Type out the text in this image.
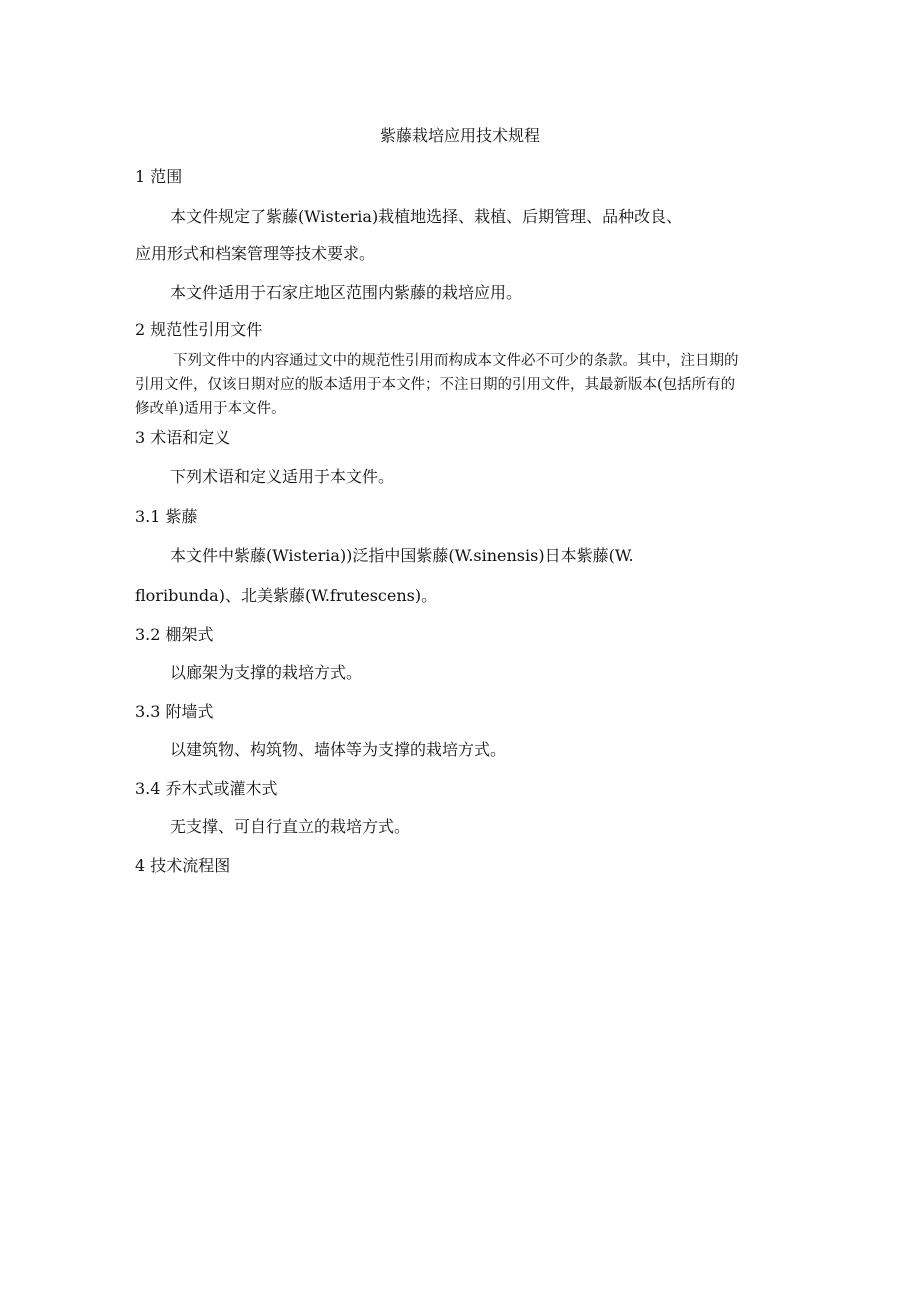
紫藤栽培应用技术规程
1 范围
本文件规定了紫藤(Wisteria)栽植地选择、栽植、后期管理、品种改良、
应用形式和档案管理等技术要求。
本文件适用于石家庄地区范围内紫藤的栽培应用。
2 规范性引用文件
下列文件中的内容通过文中的规范性引用而构成本文件必不可少的条款。其中，注日期的
引用文件，仅该日期对应的版本适用于本文件；不注日期的引用文件，其最新版本(包括所有的
修改单)适用于本文件。
3 术语和定义
下列术语和定义适用于本文件。
3.1 紫藤
本文件中紫藤(Wisteria))泛指中国紫藤(W.sinensis)日本紫藤(W.
floribunda)、北美紫藤(W.frutescens)。
3.2 棚架式
以廊架为支撑的栽培方式。
3.3 附墙式
以建筑物、构筑物、墙体等为支撑的栽培方式。
3.4 乔木式或灌木式
无支撑、可自行直立的栽培方式。
4 技术流程图
